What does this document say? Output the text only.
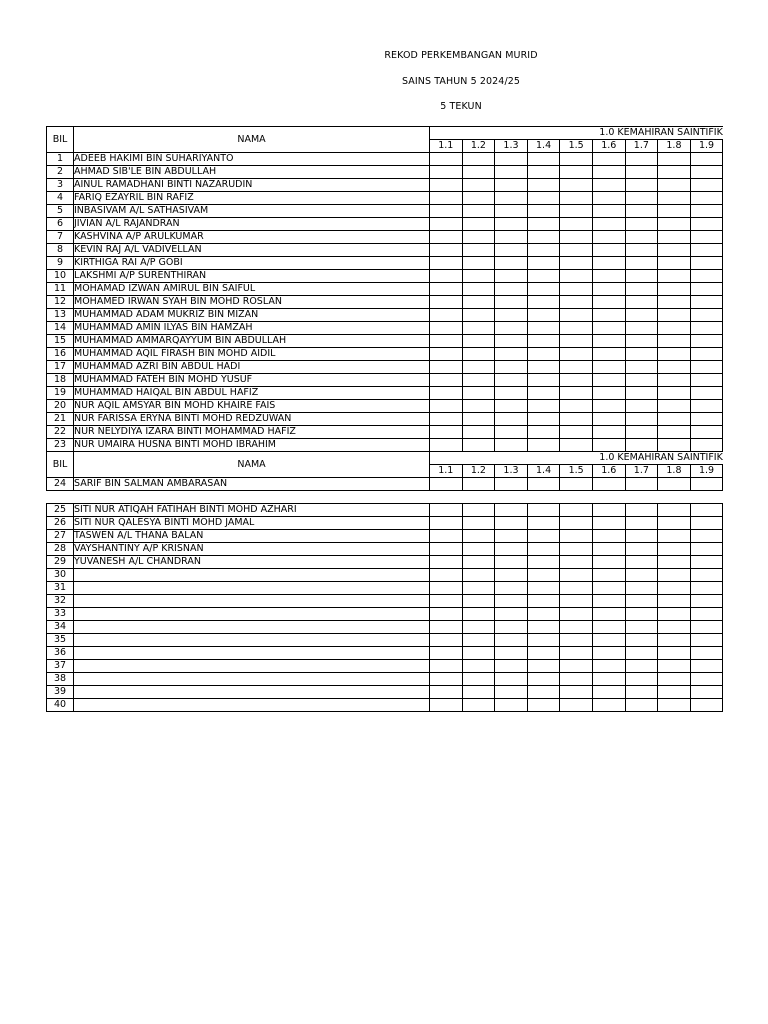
REKOD PERKEMBANGAN MURID
SAINS TAHUN 5 2024/25
5 TEKUN
BIL	NAMA	1.0 KEMAHIRAN SAINTIFIK								
		1.1	1.2	1.3	1.4	1.5	1.6	1.7	1.8	1.9
1	ADEEB HAKIMI BIN SUHARIYANTO									
2	AHMAD SIB'LE BIN ABDULLAH									
3	AINUL RAMADHANI BINTI NAZARUDIN									
4	FARIQ EZAYRIL BIN RAFIZ									
5	INBASIVAM A/L SATHASIVAM									
6	JIVIAN A/L RAJANDRAN									
7	KASHVINA A/P ARULKUMAR									
8	KEVIN RAJ A/L VADIVELLAN									
9	KIRTHIGA RAI A/P GOBI									
10	LAKSHMI A/P SURENTHIRAN									
11	MOHAMAD IZWAN AMIRUL BIN SAIFUL									
12	MOHAMED IRWAN SYAH BIN MOHD ROSLAN									
13	MUHAMMAD ADAM MUKRIZ BIN MIZAN									
14	MUHAMMAD AMIN ILYAS BIN HAMZAH									
15	MUHAMMAD AMMARQAYYUM BIN ABDULLAH									
16	MUHAMMAD AQIL FIRASH BIN MOHD AIDIL									
17	MUHAMMAD AZRI BIN ABDUL HADI									
18	MUHAMMAD FATEH BIN MOHD YUSUF									
19	MUHAMMAD HAIQAL BIN ABDUL HAFIZ									
20	NUR AQIL AMSYAR BIN MOHD KHAIRE FAIS									
21	NUR FARISSA ERYNA BINTI MOHD REDZUWAN									
22	NUR NELYDIYA IZARA BINTI MOHAMMAD HAFIZ									
23	NUR UMAIRA HUSNA BINTI MOHD IBRAHIM									
BIL	NAMA	1.0 KEMAHIRAN SAINTIFIK								
		1.1	1.2	1.3	1.4	1.5	1.6	1.7	1.8	1.9
24	SARIF BIN SALMAN AMBARASAN									

25	SITI NUR ATIQAH FATIHAH BINTI MOHD AZHARI									
26	SITI NUR QALESYA BINTI MOHD JAMAL									
27	TASWEN A/L THANA BALAN									
28	VAYSHANTINY A/P KRISNAN									
29	YUVANESH A/L CHANDRAN									
30										
31										
32										
33										
34										
35										
36										
37										
38										
39										
40										
